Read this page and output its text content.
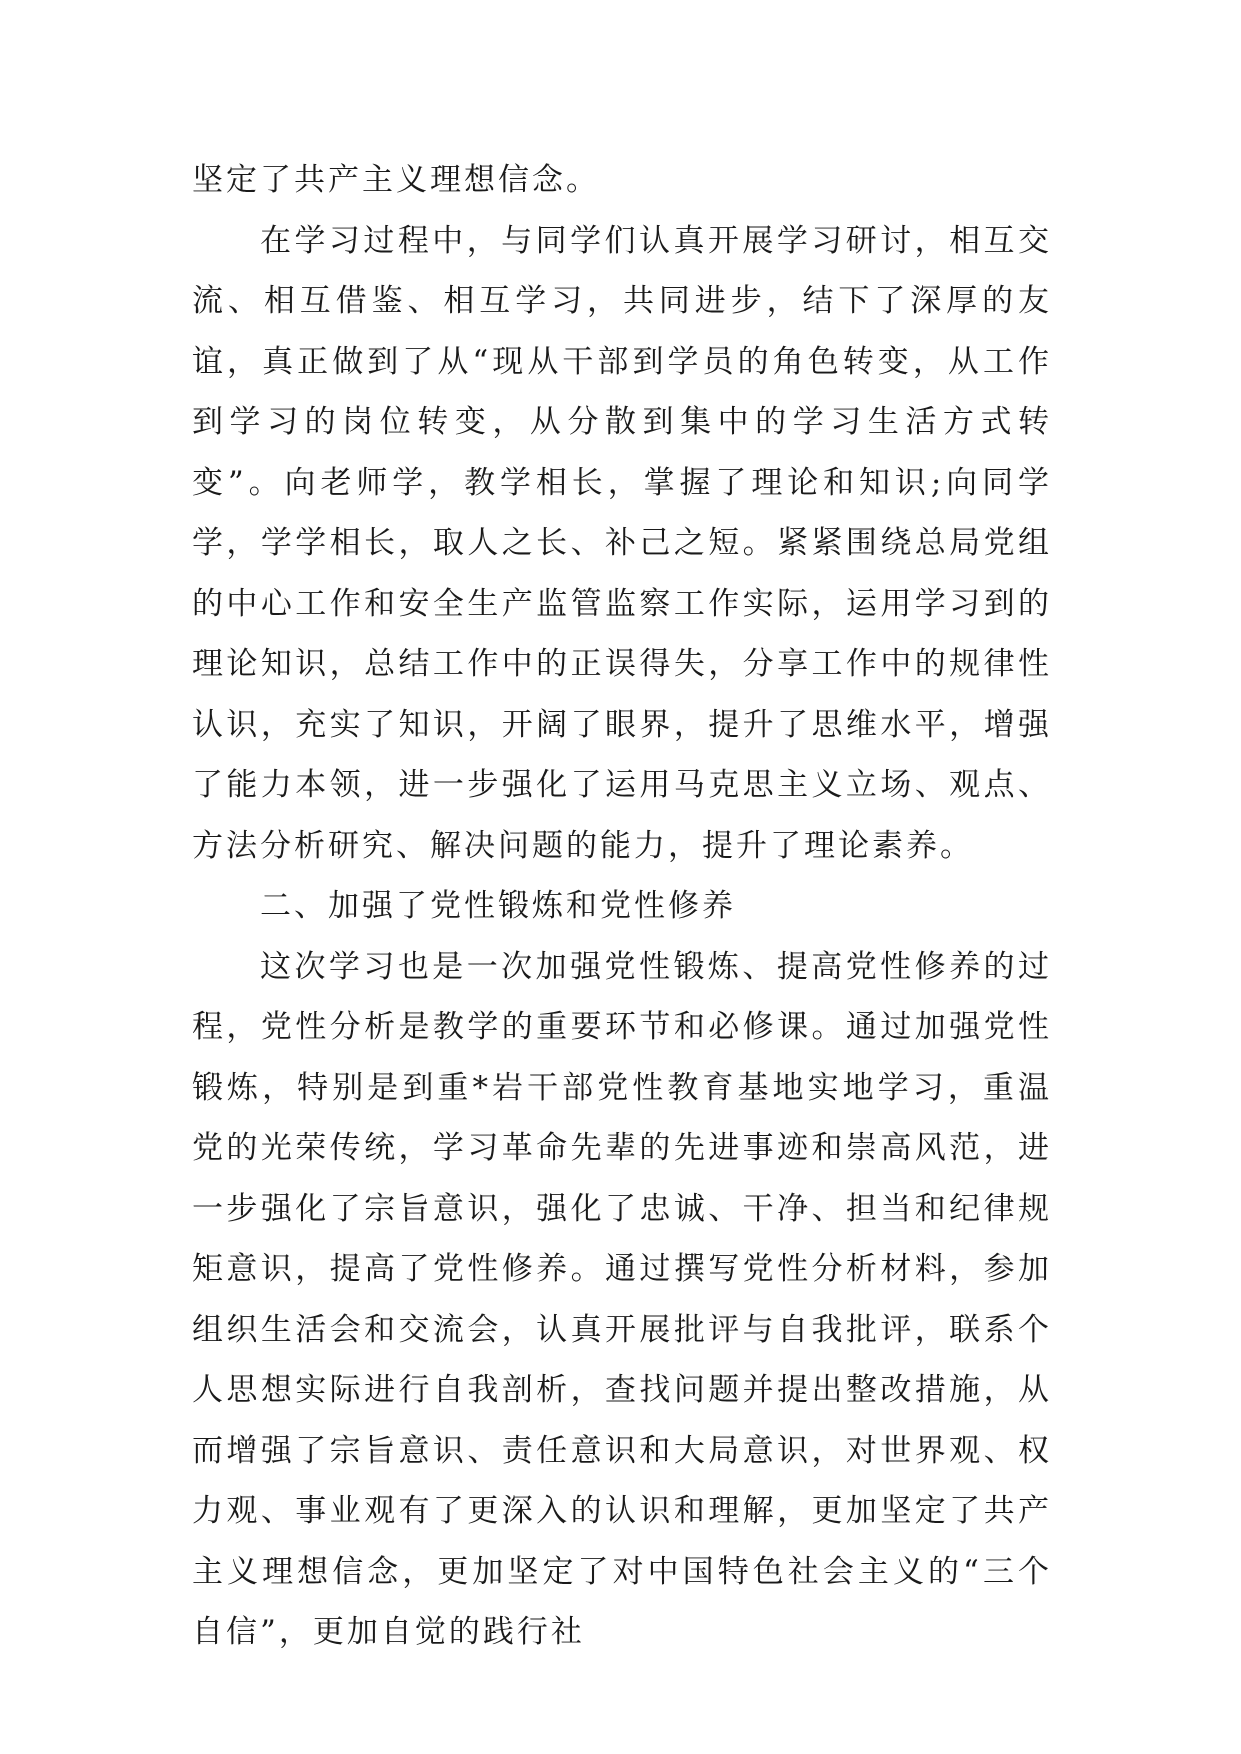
坚定了共产主义理想信念。

在学习过程中，与同学们认真开展学习研讨，相互交流、相互借鉴、相互学习，共同进步，结下了深厚的友谊，真正做到了从“现从干部到学员的角色转变，从工作到学习的岗位转变，从分散到集中的学习生活方式转变”。向老师学，教学相长，掌握了理论和知识;向同学学，学学相长，取人之长、补己之短。紧紧围绕总局党组的中心工作和安全生产监管监察工作实际，运用学习到的理论知识，总结工作中的正误得失，分享工作中的规律性认识，充实了知识，开阔了眼界，提升了思维水平，增强了能力本领，进一步强化了运用马克思主义立场、观点、方法分析研究、解决问题的能力，提升了理论素养。

二、加强了党性锻炼和党性修养

这次学习也是一次加强党性锻炼、提高党性修养的过程，党性分析是教学的重要环节和必修课。通过加强党性锻炼，特别是到重*岩干部党性教育基地实地学习，重温党的光荣传统，学习革命先辈的先进事迹和崇高风范，进一步强化了宗旨意识，强化了忠诚、干净、担当和纪律规矩意识，提高了党性修养。通过撰写党性分析材料，参加组织生活会和交流会，认真开展批评与自我批评，联系个人思想实际进行自我剖析，查找问题并提出整改措施，从而增强了宗旨意识、责任意识和大局意识，对世界观、权力观、事业观有了更深入的认识和理解，更加坚定了共产主义理想信念，更加坚定了对中国特色社会主义的“三个自信”，更加自觉的践行社
